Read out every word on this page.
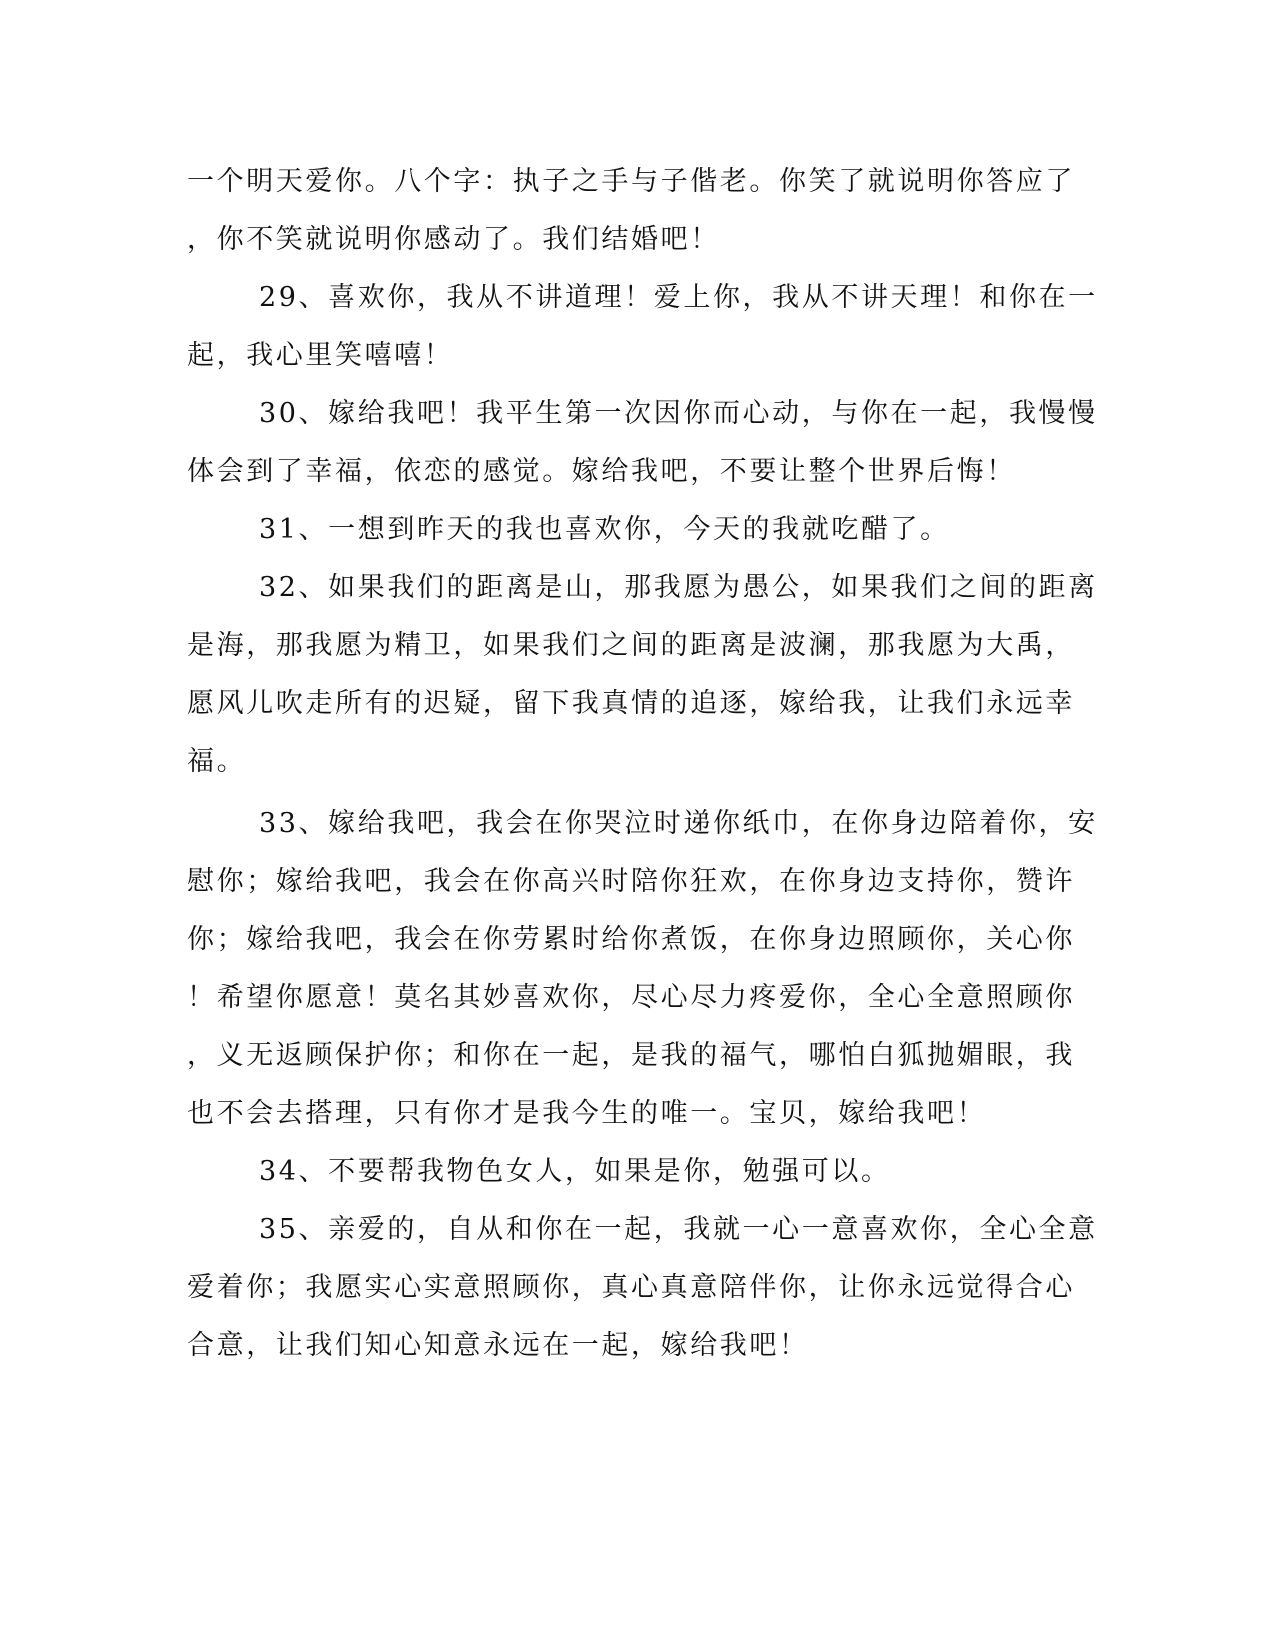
一个明天爱你。八个字：执子之手与子偕老。你笑了就说明你答应了
，你不笑就说明你感动了。我们结婚吧！
29、喜欢你，我从不讲道理！爱上你，我从不讲天理！和你在一
起，我心里笑嘻嘻！
30、嫁给我吧！我平生第一次因你而心动，与你在一起，我慢慢
体会到了幸福，依恋的感觉。嫁给我吧，不要让整个世界后悔！
31、一想到昨天的我也喜欢你，今天的我就吃醋了。
32、如果我们的距离是山，那我愿为愚公，如果我们之间的距离
是海，那我愿为精卫，如果我们之间的距离是波澜，那我愿为大禹，
愿风儿吹走所有的迟疑，留下我真情的追逐，嫁给我，让我们永远幸
福。
33、嫁给我吧，我会在你哭泣时递你纸巾，在你身边陪着你，安
慰你；嫁给我吧，我会在你高兴时陪你狂欢，在你身边支持你，赞许
你；嫁给我吧，我会在你劳累时给你煮饭，在你身边照顾你，关心你
！希望你愿意！莫名其妙喜欢你，尽心尽力疼爱你，全心全意照顾你
，义无返顾保护你；和你在一起，是我的福气，哪怕白狐抛媚眼，我
也不会去搭理，只有你才是我今生的唯一。宝贝，嫁给我吧！
34、不要帮我物色女人，如果是你，勉强可以。
35、亲爱的，自从和你在一起，我就一心一意喜欢你，全心全意
爱着你；我愿实心实意照顾你，真心真意陪伴你，让你永远觉得合心
合意，让我们知心知意永远在一起，嫁给我吧！
